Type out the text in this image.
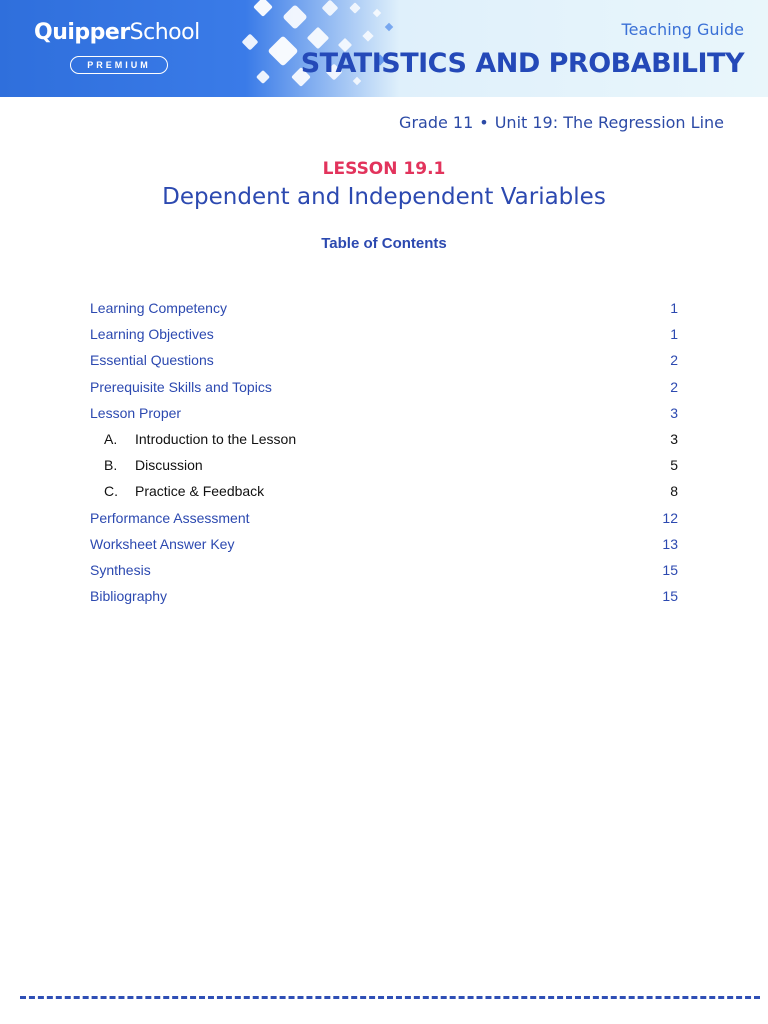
QuipperSchool
PREMIUM
Teaching Guide
STATISTICS AND PROBABILITY
Grade 11 • Unit 19: The Regression Line
LESSON 19.1
Dependent and Independent Variables
Table of Contents
Learning Competency	1
Learning Objectives	1
Essential Questions	2
Prerequisite Skills and Topics	2
Lesson Proper	3
A. Introduction to the Lesson	3
B. Discussion	5
C. Practice & Feedback	8
Performance Assessment	12
Worksheet Answer Key	13
Synthesis	15
Bibliography	15
